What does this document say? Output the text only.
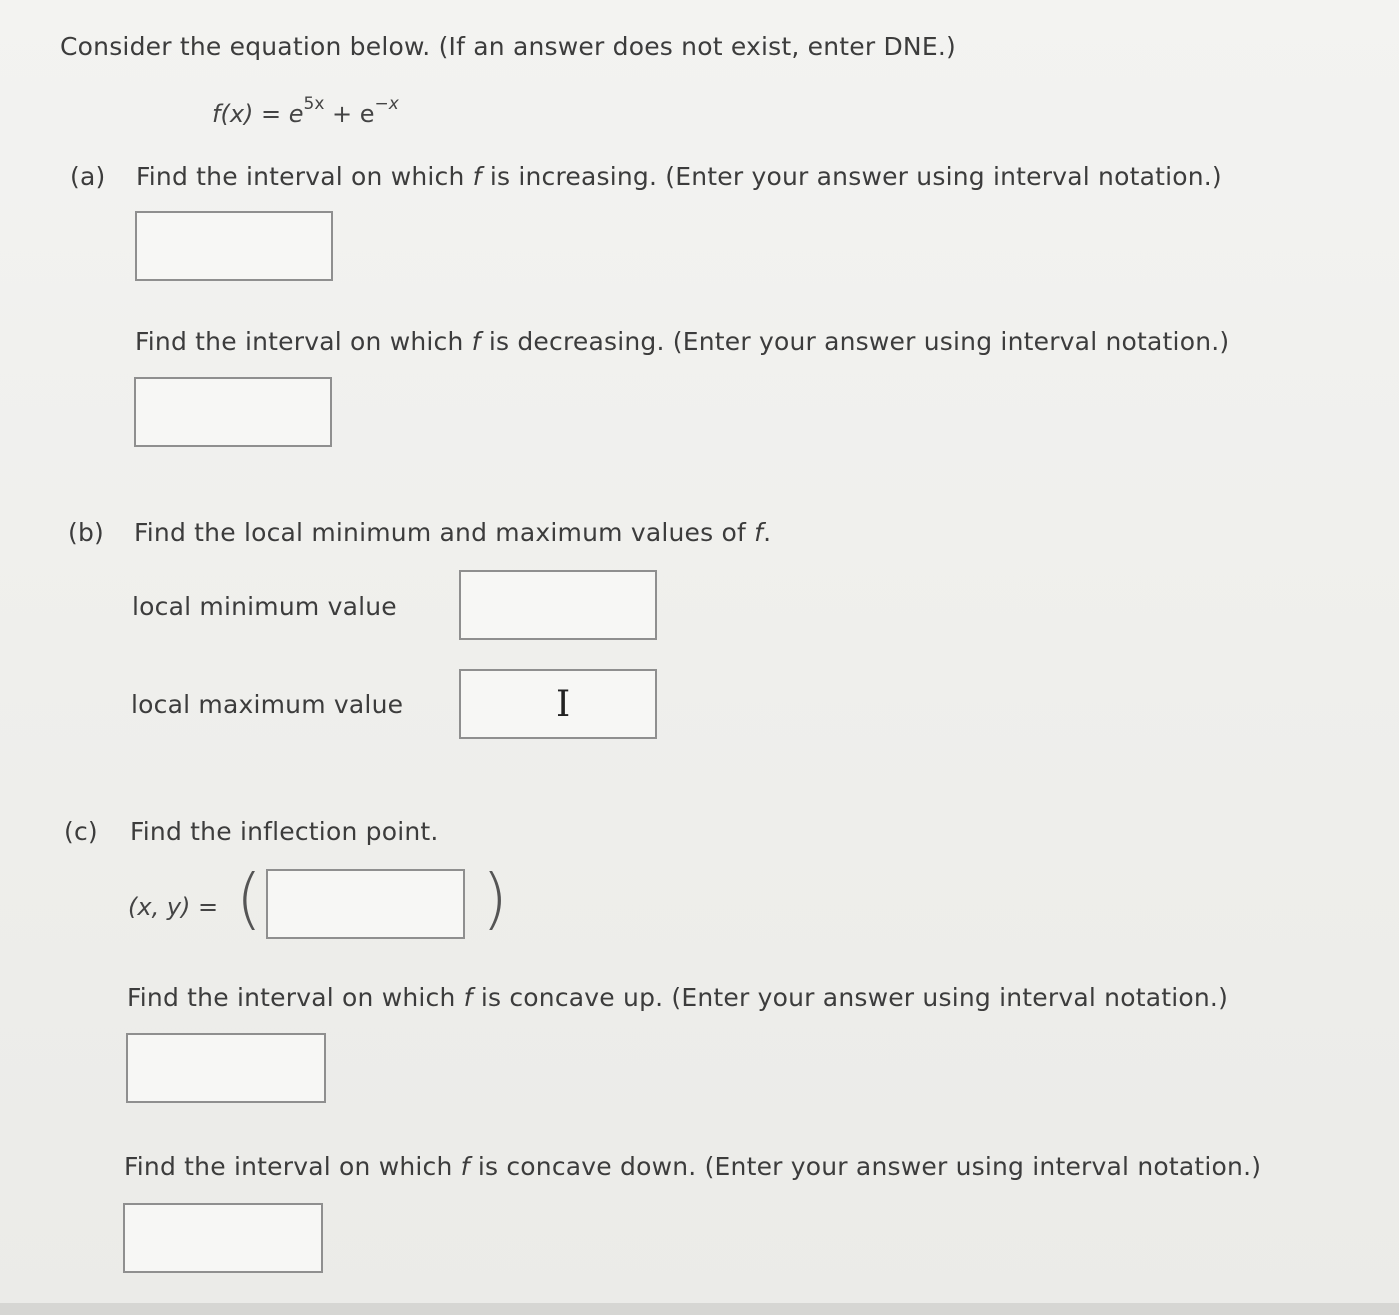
Consider the equation below. (If an answer does not exist, enter DNE.)
$f(x) = e^{5x} + e^{-x}$
(a) Find the interval on which f is increasing. (Enter your answer using interval notation.)
Find the interval on which f is decreasing. (Enter your answer using interval notation.)
(b) Find the local minimum and maximum values of f.
local minimum value
local maximum value	I
(c) Find the inflection point.
(x, y) = (	)
Find the interval on which f is concave up. (Enter your answer using interval notation.)
Find the interval on which f is concave down. (Enter your answer using interval notation.)
